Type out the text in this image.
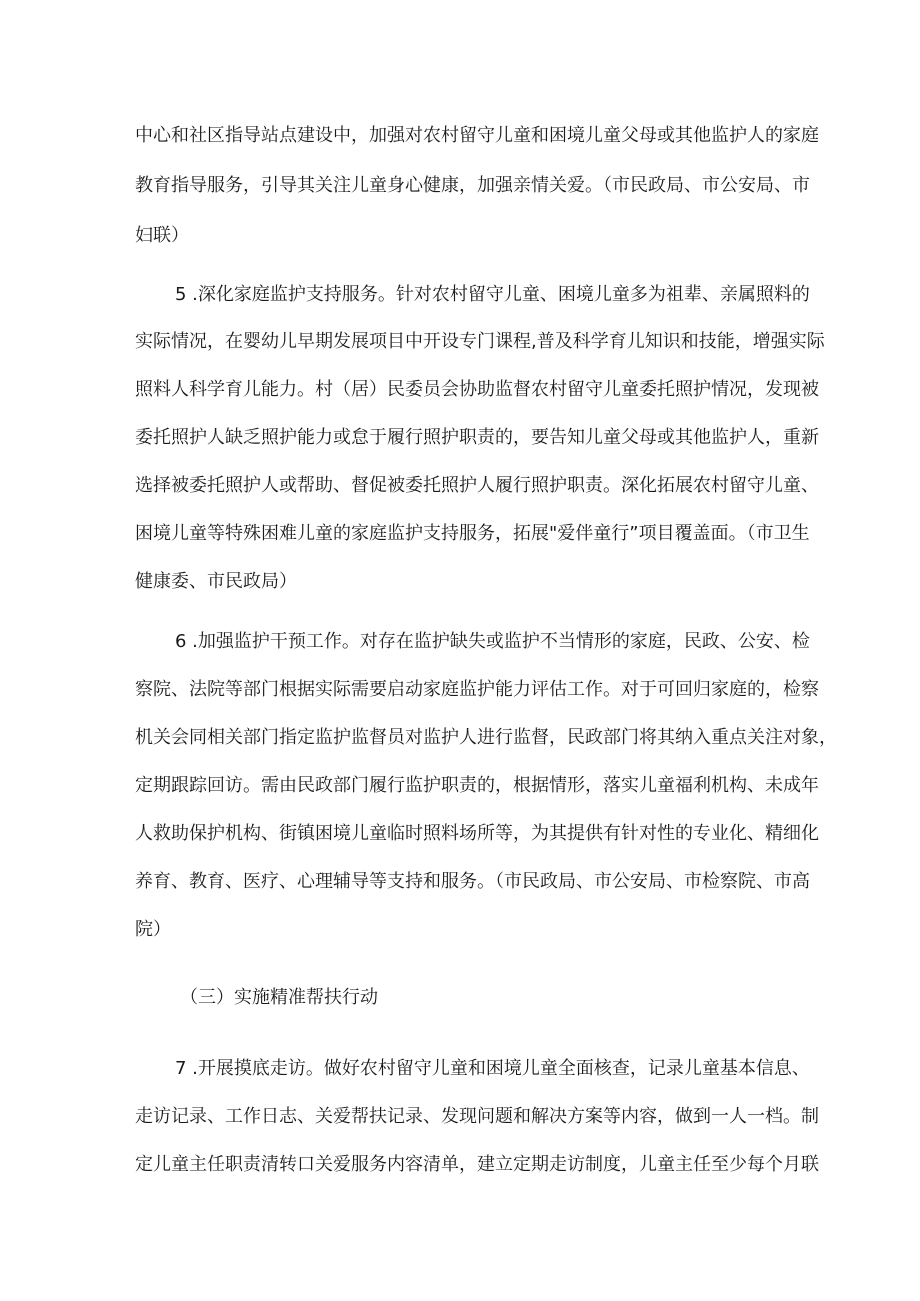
中心和社区指导站点建设中，加强对农村留守儿童和困境儿童父母或其他监护人的家庭
教育指导服务，引导其关注儿童身心健康，加强亲情关爱。（市民政局、市公安局、市
妇联）
5 .深化家庭监护支持服务。针对农村留守儿童、困境儿童多为祖辈、亲属照料的
实际情况，在婴幼儿早期发展项目中开设专门课程,普及科学育儿知识和技能，增强实际
照料人科学育儿能力。村（居）民委员会协助监督农村留守儿童委托照护情况，发现被
委托照护人缺乏照护能力或怠于履行照护职责的，要告知儿童父母或其他监护人，重新
选择被委托照护人或帮助、督促被委托照护人履行照护职责。深化拓展农村留守儿童、
困境儿童等特殊困难儿童的家庭监护支持服务，拓展"爱伴童行”项目覆盖面。（市卫生
健康委、市民政局）
6 .加强监护干预工作。对存在监护缺失或监护不当情形的家庭，民政、公安、检
察院、法院等部门根据实际需要启动家庭监护能力评估工作。对于可回归家庭的，检察
机关会同相关部门指定监护监督员对监护人进行监督，民政部门将其纳入重点关注对象，
定期跟踪回访。需由民政部门履行监护职责的，根据情形，落实儿童福利机构、未成年
人救助保护机构、街镇困境儿童临时照料场所等，为其提供有针对性的专业化、精细化
养育、教育、医疗、心理辅导等支持和服务。（市民政局、市公安局、市检察院、市高
院）
（三）实施精准帮扶行动
7 .开展摸底走访。做好农村留守儿童和困境儿童全面核查，记录儿童基本信息、
走访记录、工作日志、关爱帮扶记录、发现问题和解决方案等内容，做到一人一档。制
定儿童主任职责清转口关爱服务内容清单，建立定期走访制度，儿童主任至少每个月联
